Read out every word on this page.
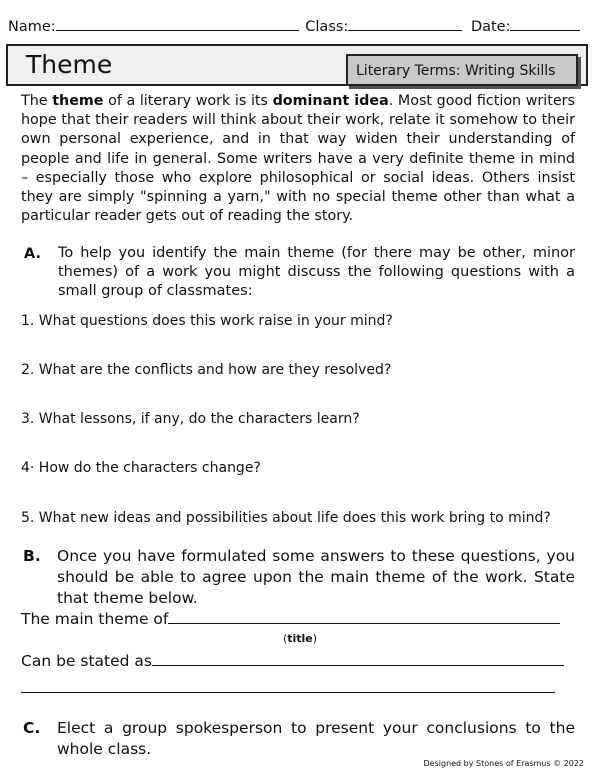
Name:	Class:	Date:
Theme	Literary Terms: Writing Skills

The theme of a literary work is its dominant idea. Most good fiction writers hope that their readers will think about their work, relate it somehow to their own personal experience, and in that way widen their understanding of people and life in general. Some writers have a very definite theme in mind – especially those who explore philosophical or social ideas. Others insist they are simply "spinning a yarn," with no special theme other than what a particular reader gets out of reading the story.

A. To help you identify the main theme (for there may be other, minor themes) of a work you might discuss the following questions with a small group of classmates:

1. What questions does this work raise in your mind?
2. What are the conflicts and how are they resolved?
3. What lessons, if any, do the characters learn?
4· How do the characters change?
5. What new ideas and possibilities about life does this work bring to mind?
B. Once you have formulated some answers to these questions, you should be able to agree upon the main theme of the work. State that theme below.

The main theme of
(title)
Can be stated as
C. Elect a group spokesperson to present your conclusions to the whole class.

Designed by Stones of Erasmus © 2022
